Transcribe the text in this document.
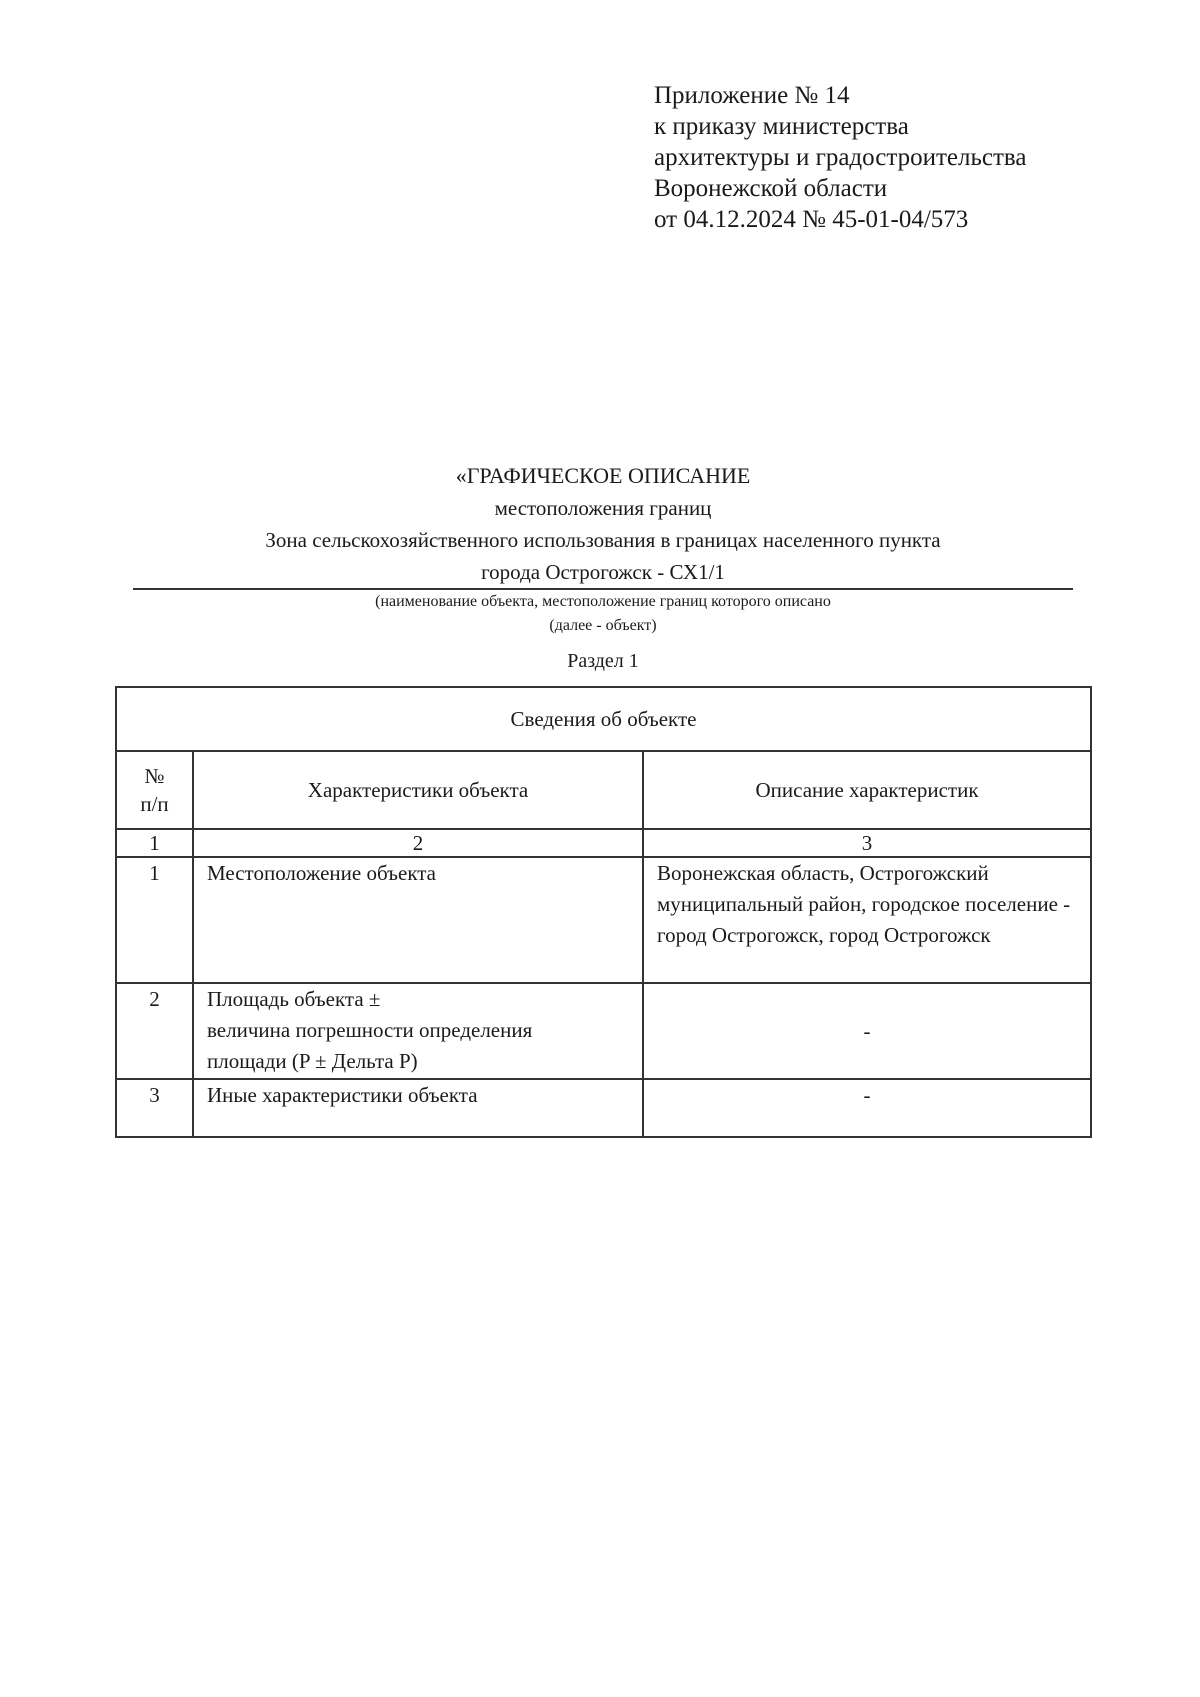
Приложение № 14
к приказу министерства
архитектуры и градостроительства
Воронежской области
от 04.12.2024 № 45-01-04/573
«ГРАФИЧЕСКОЕ ОПИСАНИЕ
местоположения границ
Зона сельскохозяйственного использования в границах населенного пункта
города Острогожск - СХ1/1
(наименование объекта, местоположение границ которого описано
(далее - объект)
Раздел 1
Сведения об объекте		

№
п/п	Характеристики объекта	Описание характеристик
1	2	3
1	Местоположение объекта	Воронежская область, Острогожский муниципальный район, городское поселение - город Острогожск, город Острогожск
2	Площадь объекта ±
величина погрешности определения
площади (P ± Дельта P)	-
3	Иные характеристики объекта	-
